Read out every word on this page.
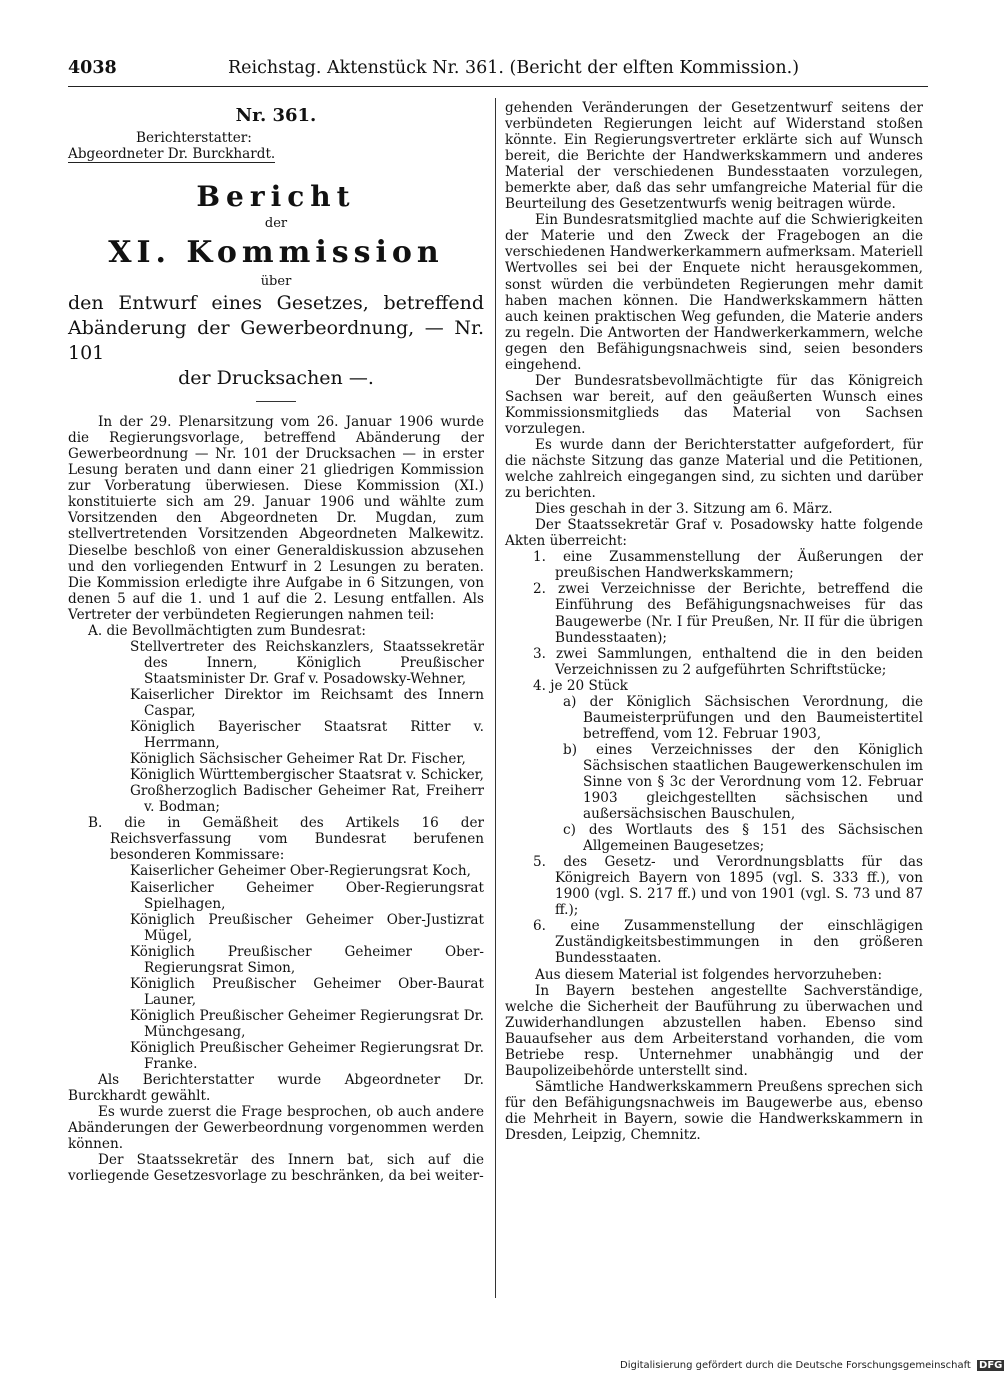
4038	Reichstag. Aktenstück Nr. 361. (Bericht der elften Kommission.)

Nr. 361.

Berichterstatter:

Abgeordneter Dr. Burckhardt.

Bericht

der

XI. Kommission

über

den Entwurf eines Gesetzes, betreffend Abänderung der Gewerbeordnung, — Nr. 101

der Drucksachen —.

In der 29. Plenarsitzung vom 26. Januar 1906 wurde die Regierungsvorlage, betreffend Abänderung der Gewerbeordnung — Nr. 101 der Drucksachen — in erster Lesung beraten und dann einer 21 gliedrigen Kommission zur Vorberatung überwiesen. Diese Kommission (XI.) konstituierte sich am 29. Januar 1906 und wählte zum Vorsitzenden den Abgeordneten Dr. Mugdan, zum stellvertretenden Vorsitzenden Abgeordneten Malkewitz. Dieselbe beschloß von einer Generaldiskussion abzusehen und den vorliegenden Entwurf in 2 Lesungen zu beraten. Die Kommission erledigte ihre Aufgabe in 6 Sitzungen, von denen 5 auf die 1. und 1 auf die 2. Lesung entfallen. Als Vertreter der verbündeten Regierungen nahmen teil:

A. die Bevollmächtigten zum Bundesrat:

Stellvertreter des Reichskanzlers, Staatssekretär des Innern, Königlich Preußischer Staatsminister Dr. Graf v. Posadowsky-Wehner,

Kaiserlicher Direktor im Reichsamt des Innern Caspar,

Königlich Bayerischer Staatsrat Ritter v. Herrmann,

Königlich Sächsischer Geheimer Rat Dr. Fischer,

Königlich Württembergischer Staatsrat v. Schicker,

Großherzoglich Badischer Geheimer Rat, Freiherr v. Bodman;

B. die in Gemäßheit des Artikels 16 der Reichsverfassung vom Bundesrat berufenen besonderen Kommissare:

Kaiserlicher Geheimer Ober-Regierungsrat Koch,

Kaiserlicher Geheimer Ober-Regierungsrat Spielhagen,

Königlich Preußischer Geheimer Ober-Justizrat Mügel,

Königlich Preußischer Geheimer Ober-Regierungsrat Simon,

Königlich Preußischer Geheimer Ober-Baurat Launer,

Königlich Preußischer Geheimer Regierungsrat Dr. Münchgesang,

Königlich Preußischer Geheimer Regierungsrat Dr. Franke.

Als Berichterstatter wurde Abgeordneter Dr. Burckhardt gewählt.

Es wurde zuerst die Frage besprochen, ob auch andere Abänderungen der Gewerbeordnung vorgenommen werden können.

Der Staatssekretär des Innern bat, sich auf die vorliegende Gesetzesvorlage zu beschränken, da bei weiter-

gehenden Veränderungen der Gesetzentwurf seitens der verbündeten Regierungen leicht auf Widerstand stoßen könnte. Ein Regierungsvertreter erklärte sich auf Wunsch bereit, die Berichte der Handwerkskammern und anderes Material der verschiedenen Bundesstaaten vorzulegen, bemerkte aber, daß das sehr umfangreiche Material für die Beurteilung des Gesetzentwurfs wenig beitragen würde.

Ein Bundesratsmitglied machte auf die Schwierigkeiten der Materie und den Zweck der Fragebogen an die verschiedenen Handwerkerkammern aufmerksam. Materiell Wertvolles sei bei der Enquete nicht herausgekommen, sonst würden die verbündeten Regierungen mehr damit haben machen können. Die Handwerkskammern hätten auch keinen praktischen Weg gefunden, die Materie anders zu regeln. Die Antworten der Handwerkerkammern, welche gegen den Befähigungsnachweis sind, seien besonders eingehend.

Der Bundesratsbevollmächtigte für das Königreich Sachsen war bereit, auf den geäußerten Wunsch eines Kommissionsmitglieds das Material von Sachsen vorzulegen.

Es wurde dann der Berichterstatter aufgefordert, für die nächste Sitzung das ganze Material und die Petitionen, welche zahlreich eingegangen sind, zu sichten und darüber zu berichten.

Dies geschah in der 3. Sitzung am 6. März.

Der Staatssekretär Graf v. Posadowsky hatte folgende Akten überreicht:

1. eine Zusammenstellung der Äußerungen der preußischen Handwerkskammern;

2. zwei Verzeichnisse der Berichte, betreffend die Einführung des Befähigungsnachweises für das Baugewerbe (Nr. I für Preußen, Nr. II für die übrigen Bundesstaaten);

3. zwei Sammlungen, enthaltend die in den beiden Verzeichnissen zu 2 aufgeführten Schriftstücke;

4. je 20 Stück

a) der Königlich Sächsischen Verordnung, die Baumeisterprüfungen und den Baumeistertitel betreffend, vom 12. Februar 1903,

b) eines Verzeichnisses der den Königlich Sächsischen staatlichen Baugewerkenschulen im Sinne von § 3c der Verordnung vom 12. Februar 1903 gleichgestellten sächsischen und außersächsischen Bauschulen,

c) des Wortlauts des § 151 des Sächsischen Allgemeinen Baugesetzes;

5. des Gesetz- und Verordnungsblatts für das Königreich Bayern von 1895 (vgl. S. 333 ff.), von 1900 (vgl. S. 217 ff.) und von 1901 (vgl. S. 73 und 87 ff.);

6. eine Zusammenstellung der einschlägigen Zuständigkeitsbestimmungen in den größeren Bundesstaaten.

Aus diesem Material ist folgendes hervorzuheben:

In Bayern bestehen angestellte Sachverständige, welche die Sicherheit der Bauführung zu überwachen und Zuwiderhandlungen abzustellen haben. Ebenso sind Bauaufseher aus dem Arbeiterstand vorhanden, die vom Betriebe resp. Unternehmer unabhängig und der Baupolizeibehörde unterstellt sind.

Sämtliche Handwerkskammern Preußens sprechen sich für den Befähigungsnachweis im Baugewerbe aus, ebenso die Mehrheit in Bayern, sowie die Handwerkskammern in Dresden, Leipzig, Chemnitz.

Digitalisierung gefördert durch die Deutsche Forschungsgemeinschaft DFG
